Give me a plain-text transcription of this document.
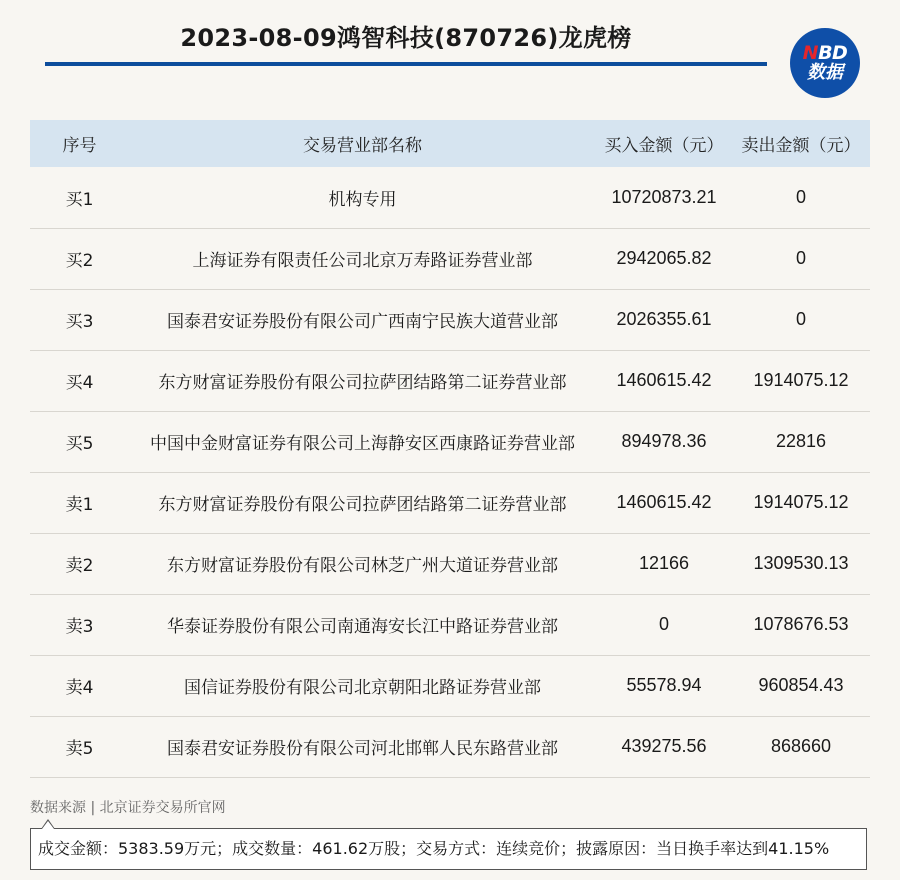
2023-08-09鸿智科技(870726)龙虎榜
NBD
数据
序号	交易营业部名称	买入金额（元）	卖出金额（元）
买1	机构专用	10720873.21	0
买2	上海证券有限责任公司北京万寿路证券营业部	2942065.82	0
买3	国泰君安证券股份有限公司广西南宁民族大道营业部	2026355.61	0
买4	东方财富证券股份有限公司拉萨团结路第二证券营业部	1460615.42	1914075.12
买5	中国中金财富证券有限公司上海静安区西康路证券营业部	894978.36	22816
卖1	东方财富证券股份有限公司拉萨团结路第二证券营业部	1460615.42	1914075.12
卖2	东方财富证券股份有限公司林芝广州大道证券营业部	12166	1309530.13
卖3	华泰证券股份有限公司南通海安长江中路证券营业部	0	1078676.53
卖4	国信证券股份有限公司北京朝阳北路证券营业部	55578.94	960854.43
卖5	国泰君安证券股份有限公司河北邯郸人民东路营业部	439275.56	868660
数据来源 | 北京证券交易所官网
成交金额：5383.59万元；成交数量：461.62万股；交易方式：连续竞价；披露原因：当日换手率达到41.15%
